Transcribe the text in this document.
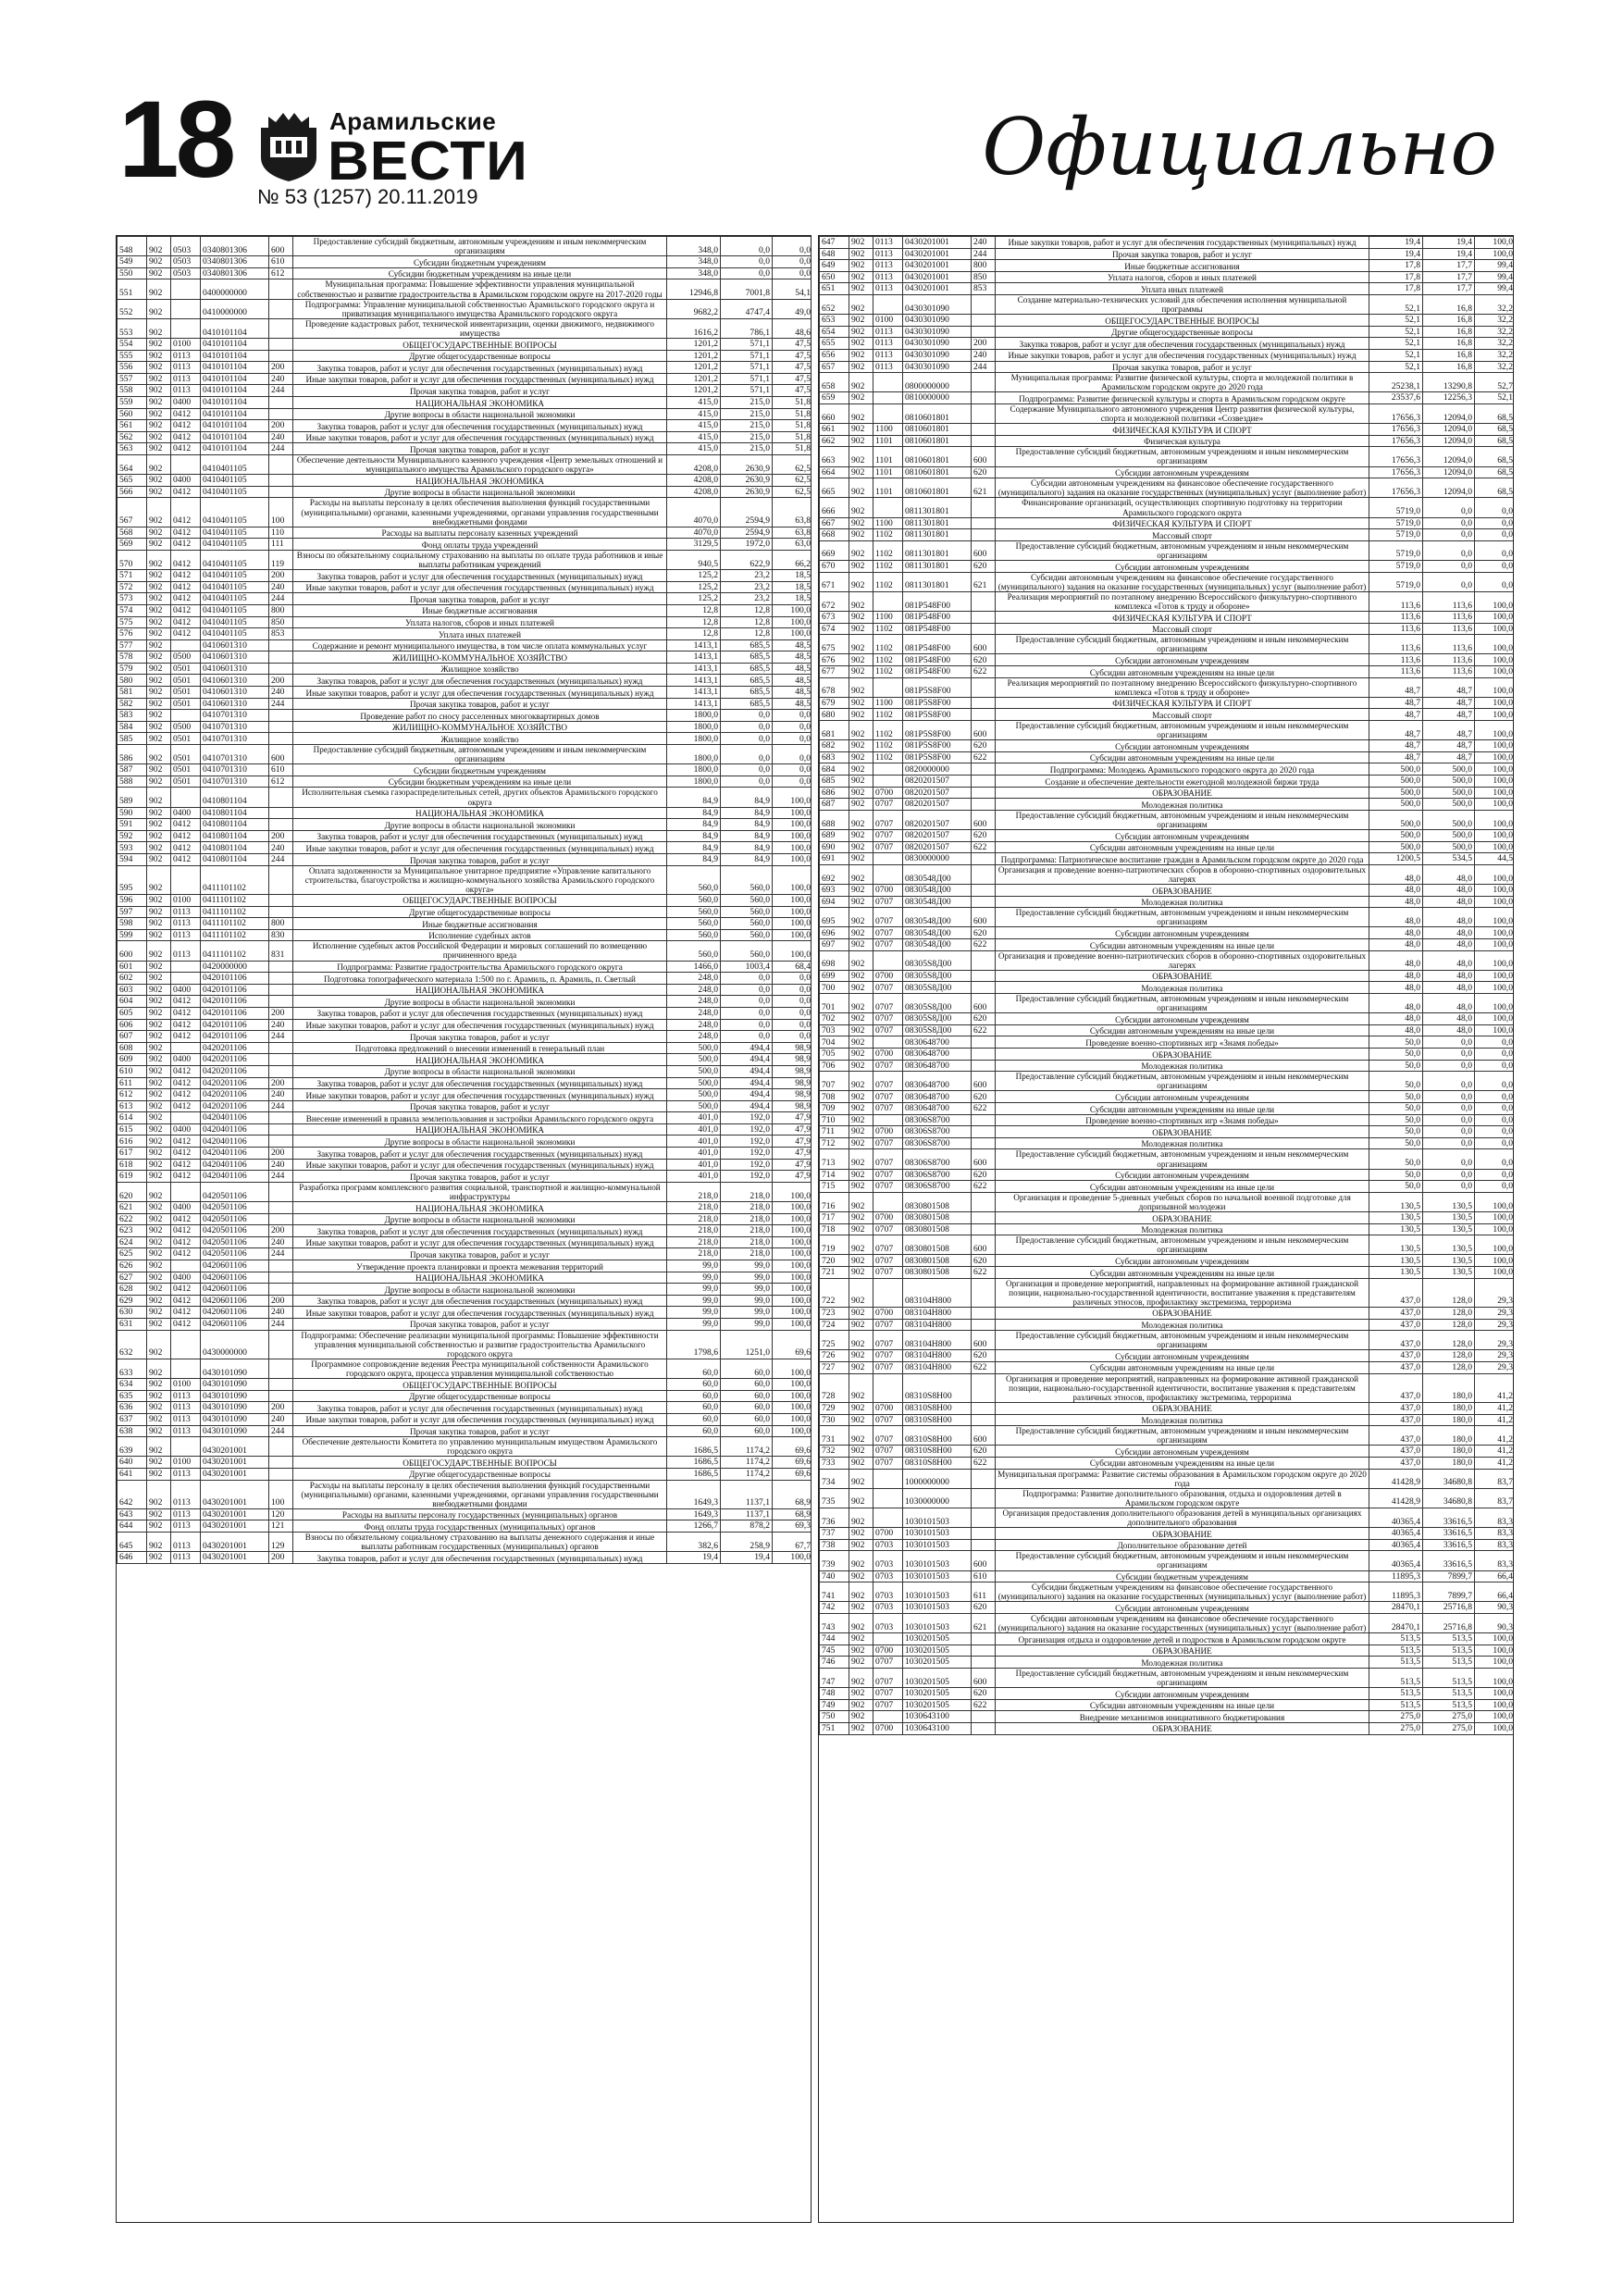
18	Арамильские
ВЕСТИ
№ 53 (1257) 20.11.2019
Официально
548	902	0503	0340801306	600	Предоставление субсидий бюджетным, автономным учреждениям и иным некоммерческим организациям	348,0	0,0	0,0
549	902	0503	0340801306	610	Субсидии бюджетным учреждениям	348,0	0,0	0,0
550	902	0503	0340801306	612	Субсидии бюджетным учреждениям на иные цели	348,0	0,0	0,0
551	902		0400000000		Муниципальная программа: Повышение эффективности управления муниципальной собственностью и развитие градостроительства в Арамильском городском округе на 2017-2020 годы	12946,8	7001,8	54,1
552	902		0410000000		Подпрограмма: Управление муниципальной собственностью Арамильского городского округа и приватизация муниципального имущества Арамильского городского округа	9682,2	4747,4	49,0
553	902		0410101104		Проведение кадастровых работ, технической инвентаризации, оценки движимого, недвижимого имущества	1616,2	786,1	48,6
554	902	0100	0410101104		ОБЩЕГОСУДАРСТВЕННЫЕ ВОПРОСЫ	1201,2	571,1	47,5
555	902	0113	0410101104		Другие общегосударственные вопросы	1201,2	571,1	47,5
556	902	0113	0410101104	200	Закупка товаров, работ и услуг для обеспечения государственных (муниципальных) нужд	1201,2	571,1	47,5
557	902	0113	0410101104	240	Иные закупки товаров, работ и услуг для обеспечения государственных (муниципальных) нужд	1201,2	571,1	47,5
558	902	0113	0410101104	244	Прочая закупка товаров, работ и услуг	1201,2	571,1	47,5
559	902	0400	0410101104		НАЦИОНАЛЬНАЯ ЭКОНОМИКА	415,0	215,0	51,8
560	902	0412	0410101104		Другие вопросы в области национальной экономики	415,0	215,0	51,8
561	902	0412	0410101104	200	Закупка товаров, работ и услуг для обеспечения государственных (муниципальных) нужд	415,0	215,0	51,8
562	902	0412	0410101104	240	Иные закупки товаров, работ и услуг для обеспечения государственных (муниципальных) нужд	415,0	215,0	51,8
563	902	0412	0410101104	244	Прочая закупка товаров, работ и услуг	415,0	215,0	51,8
564	902		0410401105		Обеспечение деятельности Муниципального казенного учреждения «Центр земельных отношений и муниципального имущества Арамильского городского округа»	4208,0	2630,9	62,5
565	902	0400	0410401105		НАЦИОНАЛЬНАЯ ЭКОНОМИКА	4208,0	2630,9	62,5
566	902	0412	0410401105		Другие вопросы в области национальной экономики	4208,0	2630,9	62,5
567	902	0412	0410401105	100	Расходы на выплаты персоналу в целях обеспечения выполнения функций государственными (муниципальными) органами, казенными учреждениями, органами управления государственными внебюджетными фондами	4070,0	2594,9	63,8
568	902	0412	0410401105	110	Расходы на выплаты персоналу казенных учреждений	4070,0	2594,9	63,8
569	902	0412	0410401105	111	Фонд оплаты труда учреждений	3129,5	1972,0	63,0
570	902	0412	0410401105	119	Взносы по обязательному социальному страхованию на выплаты по оплате труда работников и иные выплаты работникам учреждений	940,5	622,9	66,2
571	902	0412	0410401105	200	Закупка товаров, работ и услуг для обеспечения государственных (муниципальных) нужд	125,2	23,2	18,5
572	902	0412	0410401105	240	Иные закупки товаров, работ и услуг для обеспечения государственных (муниципальных) нужд	125,2	23,2	18,5
573	902	0412	0410401105	244	Прочая закупка товаров, работ и услуг	125,2	23,2	18,5
574	902	0412	0410401105	800	Иные бюджетные ассигнования	12,8	12,8	100,0
575	902	0412	0410401105	850	Уплата налогов, сборов и иных платежей	12,8	12,8	100,0
576	902	0412	0410401105	853	Уплата иных платежей	12,8	12,8	100,0
577	902		0410601310		Содержание и ремонт муниципального имущества, в том числе оплата коммунальных услуг	1413,1	685,5	48,5
578	902	0500	0410601310		ЖИЛИЩНО-КОММУНАЛЬНОЕ ХОЗЯЙСТВО	1413,1	685,5	48,5
579	902	0501	0410601310		Жилищное хозяйство	1413,1	685,5	48,5
580	902	0501	0410601310	200	Закупка товаров, работ и услуг для обеспечения государственных (муниципальных) нужд	1413,1	685,5	48,5
581	902	0501	0410601310	240	Иные закупки товаров, работ и услуг для обеспечения государственных (муниципальных) нужд	1413,1	685,5	48,5
582	902	0501	0410601310	244	Прочая закупка товаров, работ и услуг	1413,1	685,5	48,5
583	902		0410701310		Проведение работ по сносу расселенных многоквартирных домов	1800,0	0,0	0,0
584	902	0500	0410701310		ЖИЛИЩНО-КОММУНАЛЬНОЕ ХОЗЯЙСТВО	1800,0	0,0	0,0
585	902	0501	0410701310		Жилищное хозяйство	1800,0	0,0	0,0
586	902	0501	0410701310	600	Предоставление субсидий бюджетным, автономным учреждениям и иным некоммерческим организациям	1800,0	0,0	0,0
587	902	0501	0410701310	610	Субсидии бюджетным учреждениям	1800,0	0,0	0,0
588	902	0501	0410701310	612	Субсидии бюджетным учреждениям на иные цели	1800,0	0,0	0,0
589	902		0410801104		Исполнительная съемка газораспределительных сетей, других объектов Арамильского городского округа	84,9	84,9	100,0
590	902	0400	0410801104		НАЦИОНАЛЬНАЯ ЭКОНОМИКА	84,9	84,9	100,0
591	902	0412	0410801104		Другие вопросы в области национальной экономики	84,9	84,9	100,0
592	902	0412	0410801104	200	Закупка товаров, работ и услуг для обеспечения государственных (муниципальных) нужд	84,9	84,9	100,0
593	902	0412	0410801104	240	Иные закупки товаров, работ и услуг для обеспечения государственных (муниципальных) нужд	84,9	84,9	100,0
594	902	0412	0410801104	244	Прочая закупка товаров, работ и услуг	84,9	84,9	100,0
595	902		0411101102		Оплата задолженности за Муниципальное унитарное предприятие «Управление капитального строительства, благоустройства и жилищно-коммунального хозяйства Арамильского городского округа»	560,0	560,0	100,0
596	902	0100	0411101102		ОБЩЕГОСУДАРСТВЕННЫЕ ВОПРОСЫ	560,0	560,0	100,0
597	902	0113	0411101102		Другие общегосударственные вопросы	560,0	560,0	100,0
598	902	0113	0411101102	800	Иные бюджетные ассигнования	560,0	560,0	100,0
599	902	0113	0411101102	830	Исполнение судебных актов	560,0	560,0	100,0
600	902	0113	0411101102	831	Исполнение судебных актов Российской Федерации и мировых соглашений по возмещению причиненного вреда	560,0	560,0	100,0
601	902		0420000000		Подпрограмма: Развитие градостроительства Арамильского городского округа	1466,0	1003,4	68,4
602	902		0420101106		Подготовка топографического материала 1:500 по г. Арамиль, п. Арамиль, п. Светлый	248,0	0,0	0,0
603	902	0400	0420101106		НАЦИОНАЛЬНАЯ ЭКОНОМИКА	248,0	0,0	0,0
604	902	0412	0420101106		Другие вопросы в области национальной экономики	248,0	0,0	0,0
605	902	0412	0420101106	200	Закупка товаров, работ и услуг для обеспечения государственных (муниципальных) нужд	248,0	0,0	0,0
606	902	0412	0420101106	240	Иные закупки товаров, работ и услуг для обеспечения государственных (муниципальных) нужд	248,0	0,0	0,0
607	902	0412	0420101106	244	Прочая закупка товаров, работ и услуг	248,0	0,0	0,0
608	902		0420201106		Подготовка предложений о внесении изменений в генеральный план	500,0	494,4	98,9
609	902	0400	0420201106		НАЦИОНАЛЬНАЯ ЭКОНОМИКА	500,0	494,4	98,9
610	902	0412	0420201106		Другие вопросы в области национальной экономики	500,0	494,4	98,9
611	902	0412	0420201106	200	Закупка товаров, работ и услуг для обеспечения государственных (муниципальных) нужд	500,0	494,4	98,9
612	902	0412	0420201106	240	Иные закупки товаров, работ и услуг для обеспечения государственных (муниципальных) нужд	500,0	494,4	98,9
613	902	0412	0420201106	244	Прочая закупка товаров, работ и услуг	500,0	494,4	98,9
614	902		0420401106		Внесение изменений в правила землепользования и застройки Арамильского городского округа	401,0	192,0	47,9
615	902	0400	0420401106		НАЦИОНАЛЬНАЯ ЭКОНОМИКА	401,0	192,0	47,9
616	902	0412	0420401106		Другие вопросы в области национальной экономики	401,0	192,0	47,9
617	902	0412	0420401106	200	Закупка товаров, работ и услуг для обеспечения государственных (муниципальных) нужд	401,0	192,0	47,9
618	902	0412	0420401106	240	Иные закупки товаров, работ и услуг для обеспечения государственных (муниципальных) нужд	401,0	192,0	47,9
619	902	0412	0420401106	244	Прочая закупка товаров, работ и услуг	401,0	192,0	47,9
620	902		0420501106		Разработка программ комплексного развития социальной, транспортной и жилищно-коммунальной инфраструктуры	218,0	218,0	100,0
621	902	0400	0420501106		НАЦИОНАЛЬНАЯ ЭКОНОМИКА	218,0	218,0	100,0
622	902	0412	0420501106		Другие вопросы в области национальной экономики	218,0	218,0	100,0
623	902	0412	0420501106	200	Закупка товаров, работ и услуг для обеспечения государственных (муниципальных) нужд	218,0	218,0	100,0
624	902	0412	0420501106	240	Иные закупки товаров, работ и услуг для обеспечения государственных (муниципальных) нужд	218,0	218,0	100,0
625	902	0412	0420501106	244	Прочая закупка товаров, работ и услуг	218,0	218,0	100,0
626	902		0420601106		Утверждение проекта планировки и проекта межевания территорий	99,0	99,0	100,0
627	902	0400	0420601106		НАЦИОНАЛЬНАЯ ЭКОНОМИКА	99,0	99,0	100,0
628	902	0412	0420601106		Другие вопросы в области национальной экономики	99,0	99,0	100,0
629	902	0412	0420601106	200	Закупка товаров, работ и услуг для обеспечения государственных (муниципальных) нужд	99,0	99,0	100,0
630	902	0412	0420601106	240	Иные закупки товаров, работ и услуг для обеспечения государственных (муниципальных) нужд	99,0	99,0	100,0
631	902	0412	0420601106	244	Прочая закупка товаров, работ и услуг	99,0	99,0	100,0
632	902		0430000000		Подпрограмма: Обеспечение реализации муниципальной программы: Повышение эффективности управления муниципальной собственностью и развитие градостроительства Арамильского городского округа	1798,6	1251,0	69,6
633	902		0430101090		Программное сопровождение ведения Реестра муниципальной собственности Арамильского городского округа, процесса управления муниципальной собственностью	60,0	60,0	100,0
634	902	0100	0430101090		ОБЩЕГОСУДАРСТВЕННЫЕ ВОПРОСЫ	60,0	60,0	100,0
635	902	0113	0430101090		Другие общегосударственные вопросы	60,0	60,0	100,0
636	902	0113	0430101090	200	Закупка товаров, работ и услуг для обеспечения государственных (муниципальных) нужд	60,0	60,0	100,0
637	902	0113	0430101090	240	Иные закупки товаров, работ и услуг для обеспечения государственных (муниципальных) нужд	60,0	60,0	100,0
638	902	0113	0430101090	244	Прочая закупка товаров, работ и услуг	60,0	60,0	100,0
639	902		0430201001		Обеспечение деятельности Комитета по управлению муниципальным имуществом Арамильского городского округа	1686,5	1174,2	69,6
640	902	0100	0430201001		ОБЩЕГОСУДАРСТВЕННЫЕ ВОПРОСЫ	1686,5	1174,2	69,6
641	902	0113	0430201001		Другие общегосударственные вопросы	1686,5	1174,2	69,6
642	902	0113	0430201001	100	Расходы на выплаты персоналу в целях обеспечения выполнения функций государственными (муниципальными) органами, казенными учреждениями, органами управления государственными внебюджетными фондами	1649,3	1137,1	68,9
643	902	0113	0430201001	120	Расходы на выплаты персоналу государственных (муниципальных) органов	1649,3	1137,1	68,9
644	902	0113	0430201001	121	Фонд оплаты труда государственных (муниципальных) органов	1266,7	878,2	69,3
645	902	0113	0430201001	129	Взносы по обязательному социальному страхованию на выплаты денежного содержания и иные выплаты работникам государственных (муниципальных) органов	382,6	258,9	67,7
646	902	0113	0430201001	200	Закупка товаров, работ и услуг для обеспечения государственных (муниципальных) нужд	19,4	19,4	100,0
647	902	0113	0430201001	240	Иные закупки товаров, работ и услуг для обеспечения государственных (муниципальных) нужд	19,4	19,4	100,0
648	902	0113	0430201001	244	Прочая закупка товаров, работ и услуг	19,4	19,4	100,0
649	902	0113	0430201001	800	Иные бюджетные ассигнования	17,8	17,7	99,4
650	902	0113	0430201001	850	Уплата налогов, сборов и иных платежей	17,8	17,7	99,4
651	902	0113	0430201001	853	Уплата иных платежей	17,8	17,7	99,4
652	902		0430301090		Создание материально-технических условий для обеспечения исполнения муниципальной программы	52,1	16,8	32,2
653	902	0100	0430301090		ОБЩЕГОСУДАРСТВЕННЫЕ ВОПРОСЫ	52,1	16,8	32,2
654	902	0113	0430301090		Другие общегосударственные вопросы	52,1	16,8	32,2
655	902	0113	0430301090	200	Закупка товаров, работ и услуг для обеспечения государственных (муниципальных) нужд	52,1	16,8	32,2
656	902	0113	0430301090	240	Иные закупки товаров, работ и услуг для обеспечения государственных (муниципальных) нужд	52,1	16,8	32,2
657	902	0113	0430301090	244	Прочая закупка товаров, работ и услуг	52,1	16,8	32,2
658	902		0800000000		Муниципальная программа: Развитие физической культуры, спорта и молодежной политики в Арамильском городском округе до 2020 года	25238,1	13290,8	52,7
659	902		0810000000		Подпрограмма: Развитие физической культуры и спорта в Арамильском городском округе	23537,6	12256,3	52,1
660	902		0810601801		Содержание Муниципального автономного учреждения Центр развития физической культуры, спорта и молодежной политики «Созвездие»	17656,3	12094,0	68,5
661	902	1100	0810601801		ФИЗИЧЕСКАЯ КУЛЬТУРА И СПОРТ	17656,3	12094,0	68,5
662	902	1101	0810601801		Физическая культура	17656,3	12094,0	68,5
663	902	1101	0810601801	600	Предоставление субсидий бюджетным, автономным учреждениям и иным некоммерческим организациям	17656,3	12094,0	68,5
664	902	1101	0810601801	620	Субсидии автономным учреждениям	17656,3	12094,0	68,5
665	902	1101	0810601801	621	Субсидии автономным учреждениям на финансовое обеспечение государственного (муниципального) задания на оказание государственных (муниципальных) услуг (выполнение работ)	17656,3	12094,0	68,5
666	902		0811301801		Финансирование организаций, осуществляющих спортивную подготовку на территории Арамильского городского округа	5719,0	0,0	0,0
667	902	1100	0811301801		ФИЗИЧЕСКАЯ КУЛЬТУРА И СПОРТ	5719,0	0,0	0,0
668	902	1102	0811301801		Массовый спорт	5719,0	0,0	0,0
669	902	1102	0811301801	600	Предоставление субсидий бюджетным, автономным учреждениям и иным некоммерческим организациям	5719,0	0,0	0,0
670	902	1102	0811301801	620	Субсидии автономным учреждениям	5719,0	0,0	0,0
671	902	1102	0811301801	621	Субсидии автономным учреждениям на финансовое обеспечение государственного (муниципального) задания на оказание государственных (муниципальных) услуг (выполнение работ)	5719,0	0,0	0,0
672	902		081P548F00		Реализация мероприятий по поэтапному внедрению Всероссийского физкультурно-спортивного комплекса «Готов к труду и обороне»	113,6	113,6	100,0
673	902	1100	081P548F00		ФИЗИЧЕСКАЯ КУЛЬТУРА И СПОРТ	113,6	113,6	100,0
674	902	1102	081P548F00		Массовый спорт	113,6	113,6	100,0
675	902	1102	081P548F00	600	Предоставление субсидий бюджетным, автономным учреждениям и иным некоммерческим организациям	113,6	113,6	100,0
676	902	1102	081P548F00	620	Субсидии автономным учреждениям	113,6	113,6	100,0
677	902	1102	081P548F00	622	Субсидии автономным учреждениям на иные цели	113,6	113,6	100,0
678	902		081P5S8F00		Реализация мероприятий по поэтапному внедрению Всероссийского физкультурно-спортивного комплекса «Готов к труду и обороне»	48,7	48,7	100,0
679	902	1100	081P5S8F00		ФИЗИЧЕСКАЯ КУЛЬТУРА И СПОРТ	48,7	48,7	100,0
680	902	1102	081P5S8F00		Массовый спорт	48,7	48,7	100,0
681	902	1102	081P5S8F00	600	Предоставление субсидий бюджетным, автономным учреждениям и иным некоммерческим организациям	48,7	48,7	100,0
682	902	1102	081P5S8F00	620	Субсидии автономным учреждениям	48,7	48,7	100,0
683	902	1102	081P5S8F00	622	Субсидии автономным учреждениям на иные цели	48,7	48,7	100,0
684	902		0820000000		Подпрограмма: Молодежь Арамильского городского округа до 2020 года	500,0	500,0	100,0
685	902		0820201507		Создание и обеспечение деятельности ежегодной молодежной биржи труда	500,0	500,0	100,0
686	902	0700	0820201507		ОБРАЗОВАНИЕ	500,0	500,0	100,0
687	902	0707	0820201507		Молодежная политика	500,0	500,0	100,0
688	902	0707	0820201507	600	Предоставление субсидий бюджетным, автономным учреждениям и иным некоммерческим организациям	500,0	500,0	100,0
689	902	0707	0820201507	620	Субсидии автономным учреждениям	500,0	500,0	100,0
690	902	0707	0820201507	622	Субсидии автономным учреждениям на иные цели	500,0	500,0	100,0
691	902		0830000000		Подпрограмма: Патриотическое воспитание граждан в Арамильском городском округе до 2020 года	1200,5	534,5	44,5
692	902		0830548Д00		Организация и проведение военно-патриотических сборов в оборонно-спортивных оздоровительных лагерях	48,0	48,0	100,0
693	902	0700	0830548Д00		ОБРАЗОВАНИЕ	48,0	48,0	100,0
694	902	0707	0830548Д00		Молодежная политика	48,0	48,0	100,0
695	902	0707	0830548Д00	600	Предоставление субсидий бюджетным, автономным учреждениям и иным некоммерческим организациям	48,0	48,0	100,0
696	902	0707	0830548Д00	620	Субсидии автономным учреждениям	48,0	48,0	100,0
697	902	0707	0830548Д00	622	Субсидии автономным учреждениям на иные цели	48,0	48,0	100,0
698	902		08305S8Д00		Организация и проведение военно-патриотических сборов в оборонно-спортивных оздоровительных лагерях	48,0	48,0	100,0
699	902	0700	08305S8Д00		ОБРАЗОВАНИЕ	48,0	48,0	100,0
700	902	0707	08305S8Д00		Молодежная политика	48,0	48,0	100,0
701	902	0707	08305S8Д00	600	Предоставление субсидий бюджетным, автономным учреждениям и иным некоммерческим организациям	48,0	48,0	100,0
702	902	0707	08305S8Д00	620	Субсидии автономным учреждениям	48,0	48,0	100,0
703	902	0707	08305S8Д00	622	Субсидии автономным учреждениям на иные цели	48,0	48,0	100,0
704	902		0830648700		Проведение военно-спортивных игр «Знамя победы»	50,0	0,0	0,0
705	902	0700	0830648700		ОБРАЗОВАНИЕ	50,0	0,0	0,0
706	902	0707	0830648700		Молодежная политика	50,0	0,0	0,0
707	902	0707	0830648700	600	Предоставление субсидий бюджетным, автономным учреждениям и иным некоммерческим организациям	50,0	0,0	0,0
708	902	0707	0830648700	620	Субсидии автономным учреждениям	50,0	0,0	0,0
709	902	0707	0830648700	622	Субсидии автономным учреждениям на иные цели	50,0	0,0	0,0
710	902		08306S8700		Проведение военно-спортивных игр «Знамя победы»	50,0	0,0	0,0
711	902	0700	08306S8700		ОБРАЗОВАНИЕ	50,0	0,0	0,0
712	902	0707	08306S8700		Молодежная политика	50,0	0,0	0,0
713	902	0707	08306S8700	600	Предоставление субсидий бюджетным, автономным учреждениям и иным некоммерческим организациям	50,0	0,0	0,0
714	902	0707	08306S8700	620	Субсидии автономным учреждениям	50,0	0,0	0,0
715	902	0707	08306S8700	622	Субсидии автономным учреждениям на иные цели	50,0	0,0	0,0
716	902		0830801508		Организация и проведение 5-дневных учебных сборов по начальной военной подготовке для допризывной молодежи	130,5	130,5	100,0
717	902	0700	0830801508		ОБРАЗОВАНИЕ	130,5	130,5	100,0
718	902	0707	0830801508		Молодежная политика	130,5	130,5	100,0
719	902	0707	0830801508	600	Предоставление субсидий бюджетным, автономным учреждениям и иным некоммерческим организациям	130,5	130,5	100,0
720	902	0707	0830801508	620	Субсидии автономным учреждениям	130,5	130,5	100,0
721	902	0707	0830801508	622	Субсидии автономным учреждениям на иные цели	130,5	130,5	100,0
722	902		083104Н800		Организация и проведение мероприятий, направленных на формирование активной гражданской позиции, национально-государственной идентичности, воспитание уважения к представителям различных этносов, профилактику экстремизма, терроризма	437,0	128,0	29,3
723	902	0700	083104Н800		ОБРАЗОВАНИЕ	437,0	128,0	29,3
724	902	0707	083104Н800		Молодежная политика	437,0	128,0	29,3
725	902	0707	083104Н800	600	Предоставление субсидий бюджетным, автономным учреждениям и иным некоммерческим организациям	437,0	128,0	29,3
726	902	0707	083104Н800	620	Субсидии автономным учреждениям	437,0	128,0	29,3
727	902	0707	083104Н800	622	Субсидии автономным учреждениям на иные цели	437,0	128,0	29,3
728	902		08310S8Н00		Организация и проведение мероприятий, направленных на формирование активной гражданской позиции, национально-государственной идентичности, воспитание уважения к представителям различных этносов, профилактику экстремизма, терроризма	437,0	180,0	41,2
729	902	0700	08310S8Н00		ОБРАЗОВАНИЕ	437,0	180,0	41,2
730	902	0707	08310S8Н00		Молодежная политика	437,0	180,0	41,2
731	902	0707	08310S8Н00	600	Предоставление субсидий бюджетным, автономным учреждениям и иным некоммерческим организациям	437,0	180,0	41,2
732	902	0707	08310S8Н00	620	Субсидии автономным учреждениям	437,0	180,0	41,2
733	902	0707	08310S8Н00	622	Субсидии автономным учреждениям на иные цели	437,0	180,0	41,2
734	902		1000000000		Муниципальная программа: Развитие системы образования в Арамильском городском округе до 2020 года	41428,9	34680,8	83,7
735	902		1030000000		Подпрограмма: Развитие дополнительного образования, отдыха и оздоровления детей в Арамильском городском округе	41428,9	34680,8	83,7
736	902		1030101503		Организация предоставления дополнительного образования детей в муниципальных организациях дополнительного образования	40365,4	33616,5	83,3
737	902	0700	1030101503		ОБРАЗОВАНИЕ	40365,4	33616,5	83,3
738	902	0703	1030101503		Дополнительное образование детей	40365,4	33616,5	83,3
739	902	0703	1030101503	600	Предоставление субсидий бюджетным, автономным учреждениям и иным некоммерческим организациям	40365,4	33616,5	83,3
740	902	0703	1030101503	610	Субсидии бюджетным учреждениям	11895,3	7899,7	66,4
741	902	0703	1030101503	611	Субсидии бюджетным учреждениям на финансовое обеспечение государственного (муниципального) задания на оказание государственных (муниципальных) услуг (выполнение работ)	11895,3	7899,7	66,4
742	902	0703	1030101503	620	Субсидии автономным учреждениям	28470,1	25716,8	90,3
743	902	0703	1030101503	621	Субсидии автономным учреждениям на финансовое обеспечение государственного (муниципального) задания на оказание государственных (муниципальных) услуг (выполнение работ)	28470,1	25716,8	90,3
744	902		1030201505		Организация отдыха и оздоровление детей и подростков в Арамильском городском округе	513,5	513,5	100,0
745	902	0700	1030201505		ОБРАЗОВАНИЕ	513,5	513,5	100,0
746	902	0707	1030201505		Молодежная политика	513,5	513,5	100,0
747	902	0707	1030201505	600	Предоставление субсидий бюджетным, автономным учреждениям и иным некоммерческим организациям	513,5	513,5	100,0
748	902	0707	1030201505	620	Субсидии автономным учреждениям	513,5	513,5	100,0
749	902	0707	1030201505	622	Субсидии автономным учреждениям на иные цели	513,5	513,5	100,0
750	902		1030643100		Внедрение механизмов инициативного бюджетирования	275,0	275,0	100,0
751	902	0700	1030643100		ОБРАЗОВАНИЕ	275,0	275,0	100,0
